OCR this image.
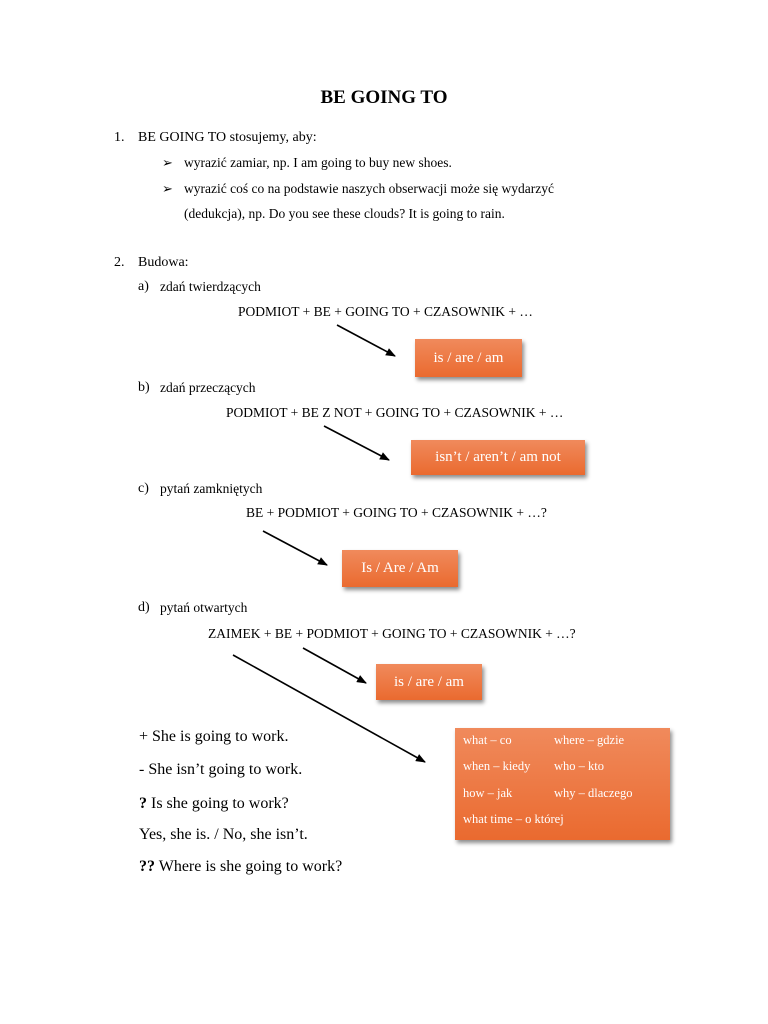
BE GOING TO
1. BE GOING TO stosujemy, aby:
➢ wyrazić zamiar, np. I am going to buy new shoes.
➢ wyrazić coś co na podstawie naszych obserwacji może się wydarzyć
(dedukcja), np. Do you see these clouds? It is going to rain.
2. Budowa:
a) zdań twierdzących
PODMIOT + BE + GOING TO + CZASOWNIK + …
is / are / am
b) zdań przeczących
PODMIOT + BE Z NOT + GOING TO + CZASOWNIK + …
isn’t / aren’t / am not
c) pytań zamkniętych
BE + PODMIOT + GOING TO + CZASOWNIK + …?
Is / Are / Am
d) pytań otwartych
ZAIMEK + BE + PODMIOT + GOING TO + CZASOWNIK + …?
is / are / am
what – co	where – gdzie
when – kiedy who – kto
how – jak	why – dlaczego
what time – o której
+ She is going to work.
- She isn’t going to work.
? Is she going to work?
Yes, she is. / No, she isn’t.
?? Where is she going to work?
